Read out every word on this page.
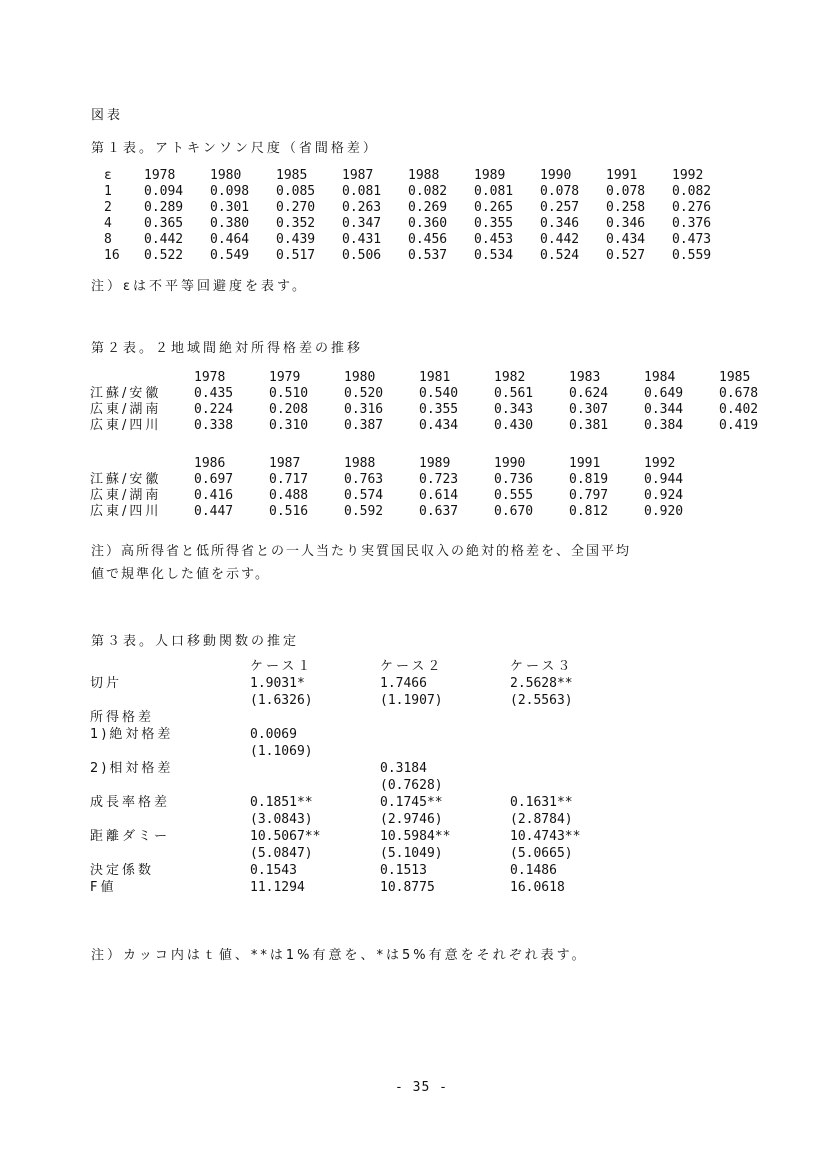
図表
第１表。アトキンソン尺度（省間格差）
ε	1978	1980	1985	1987	1988	1989	1990	1991	1992
1	0.094	0.098	0.085	0.081	0.082	0.081	0.078	0.078	0.082
2	0.289	0.301	0.270	0.263	0.269	0.265	0.257	0.258	0.276
4	0.365	0.380	0.352	0.347	0.360	0.355	0.346	0.346	0.376
8	0.442	0.464	0.439	0.431	0.456	0.453	0.442	0.434	0.473
16	0.522	0.549	0.517	0.506	0.537	0.534	0.524	0.527	0.559
注）εは不平等回避度を表す。
第２表。２地域間絶対所得格差の推移
	1978	1979	1980	1981	1982	1983	1984	1985
江蘇/安徽	0.435	0.510	0.520	0.540	0.561	0.624	0.649	0.678
広東/湖南	0.224	0.208	0.316	0.355	0.343	0.307	0.344	0.402
広東/四川	0.338	0.310	0.387	0.434	0.430	0.381	0.384	0.419
	1986	1987	1988	1989	1990	1991	1992
江蘇/安徽	0.697	0.717	0.763	0.723	0.736	0.819	0.944
広東/湖南	0.416	0.488	0.574	0.614	0.555	0.797	0.924
広東/四川	0.447	0.516	0.592	0.637	0.670	0.812	0.920
注）高所得省と低所得省との一人当たり実質国民収入の絶対的格差を、全国平均
値で規準化した値を示す。
第３表。人口移動関数の推定
	ケース１	ケース２	ケース３
切片	1.9031*	1.7466	2.5628**
	(1.6326)	(1.1907)	(2.5563)
所得格差			
1)絶対格差	0.0069		
	(1.1069)		
2)相対格差		0.3184	
		(0.7628)	
成長率格差	0.1851**	0.1745**	0.1631**
	(3.0843)	(2.9746)	(2.8784)
距離ダミー	10.5067**	10.5984**	10.4743**
	(5.0847)	(5.1049)	(5.0665)
決定係数	0.1543	0.1513	0.1486
F値	11.1294	10.8775	16.0618
注）カッコ内はｔ値、**は1%有意を、*は5%有意をそれぞれ表す。
- 35 -
